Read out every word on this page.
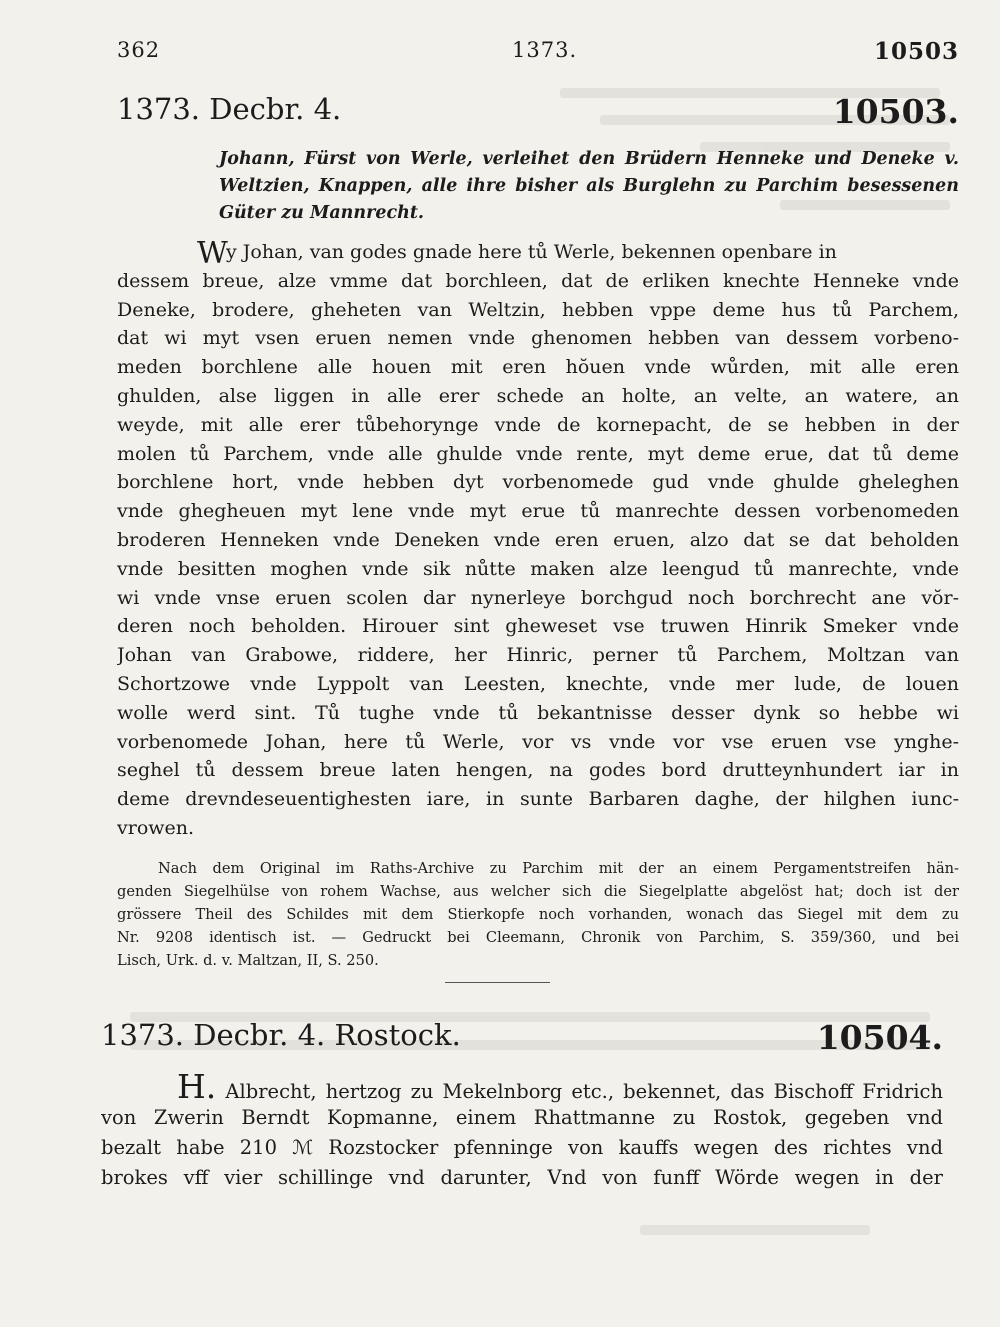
362	1373.	10503
1373. Decbr. 4.	10503.
Johann, Fürst von Werle, verleihet den Brüdern Henneke und Deneke v. Weltzien, Knappen, alle ihre bisher als Burglehn zu Parchim besessenen Güter zu Mannrecht.
W
y Johan, van godes gnade here tů Werle, bekennen openbare in
dessem breue, alze vmme dat borchleen, dat de erliken knechte Henneke vnde
Deneke, brodere, gheheten van Weltzin, hebben vppe deme hus tů Parchem,
dat wi myt vsen eruen nemen vnde ghenomen hebben van dessem vorbeno-
meden borchlene alle houen mit eren hŏuen vnde wůrden, mit alle eren
ghulden, alse liggen in alle erer schede an holte, an velte, an watere, an
weyde, mit alle erer tůbehorynge vnde de kornepacht, de se hebben in der
molen tů Parchem, vnde alle ghulde vnde rente, myt deme erue, dat tů deme
borchlene hort, vnde hebben dyt vorbenomede gud vnde ghulde gheleghen
vnde ghegheuen myt lene vnde myt erue tů manrechte dessen vorbenomeden
broderen Henneken vnde Deneken vnde eren eruen, alzo dat se dat beholden
vnde besitten moghen vnde sik nůtte maken alze leengud tů manrechte, vnde
wi vnde vnse eruen scolen dar nynerleye borchgud noch borchrecht ane vŏr-
deren noch beholden. Hirouer sint gheweset vse truwen Hinrik Smeker vnde
Johan van Grabowe, riddere, her Hinric, perner tů Parchem, Moltzan van
Schortzowe vnde Lyppolt van Leesten, knechte, vnde mer lude, de louen
wolle werd sint. Tů tughe vnde tů bekantnisse desser dynk so hebbe wi
vorbenomede Johan, here tů Werle, vor vs vnde vor vse eruen vse ynghe-
seghel tů dessem breue laten hengen, na godes bord drutteynhundert iar in
deme drevndeseuentighesten iare, in sunte Barbaren daghe, der hilghen iunc-
vrowen.
Nach dem Original im Raths-Archive zu Parchim mit der an einem Pergamentstreifen hän-
genden Siegelhülse von rohem Wachse, aus welcher sich die Siegelplatte abgelöst hat; doch ist der
grössere Theil des Schildes mit dem Stierkopfe noch vorhanden, wonach das Siegel mit dem zu
Nr. 9208 identisch ist. — Gedruckt bei Cleemann, Chronik von Parchim, S. 359/360, und bei
Lisch, Urk. d. v. Maltzan, II, S. 250.
1373. Decbr. 4. Rostock.	10504.
H. Albrecht, hertzog zu Mekelnborg etc., bekennet, das Bischoff Fridrich
von Zwerin Berndt Kopmanne, einem Rhattmanne zu Rostok, gegeben vnd
bezalt habe 210 ℳ Rozstocker pfenninge von kauffs wegen des richtes vnd
brokes vff vier schillinge vnd darunter, Vnd von funff Wörde wegen in der
